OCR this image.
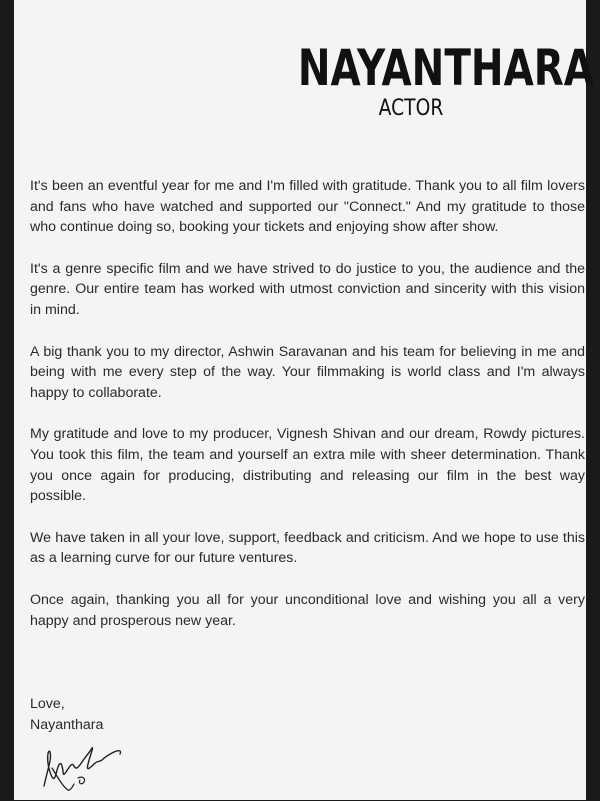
NAYANTHARA
ACTOR

It's been an eventful year for me and I'm filled with gratitude. Thank you to all film lovers and fans who have watched and supported our "Connect." And my gratitude to those who continue doing so, booking your tickets and enjoying show after show.

It's a genre specific film and we have strived to do justice to you, the audience and the genre. Our entire team has worked with utmost conviction and sincerity with this vision in mind.

A big thank you to my director, Ashwin Saravanan and his team for believing in me and being with me every step of the way. Your filmmaking is world class and I'm always happy to collaborate.

My gratitude and love to my producer, Vignesh Shivan and our dream, Rowdy pictures. You took this film, the team and yourself an extra mile with sheer determination. Thank you once again for producing, distributing and releasing our film in the best way possible.

We have taken in all your love, support, feedback and criticism. And we hope to use this as a learning curve for our future ventures.

Once again, thanking you all for your unconditional love and wishing you all a very happy and prosperous new year.

Love,
Nayanthara
